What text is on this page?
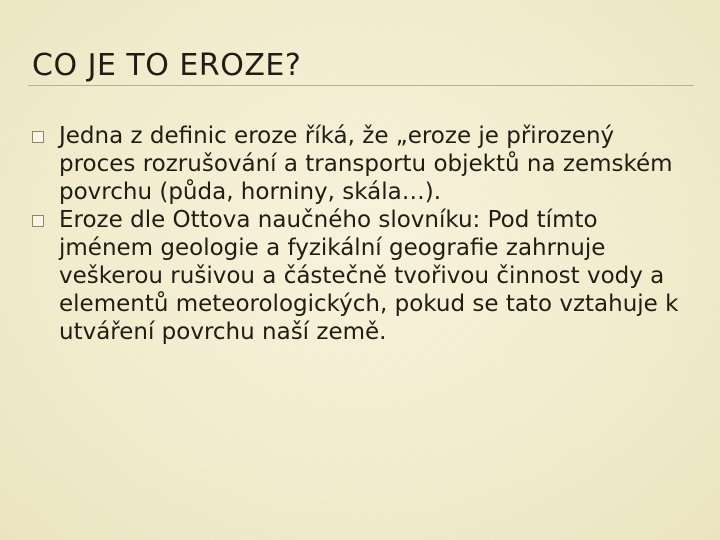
CO JE TO EROZE?
Jedna z definic eroze říká, že „eroze je přirozený proces rozrušování a transportu objektů na zemském povrchu (půda, horniny, skála…).
Eroze dle Ottova naučného slovníku: Pod tímto jménem geologie a fyzikální geografie zahrnuje veškerou rušivou a částečně tvořivou činnost vody a elementů meteorologických, pokud se tato vztahuje k utváření povrchu naší země.
